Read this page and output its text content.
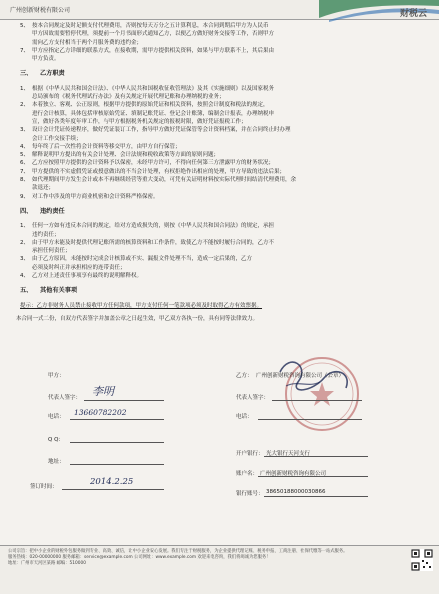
广州创新财税有限公司	财税云
5、 按本合同规定及时足额支付代理费用，否则按每天万分之五计算利息，本合同到期后甲方为人民币
甲方因故需要暂停代理，须提前一个月书面形式通知乙方，以便乙方做好财务交接等工作，否则甲方
需向乙方支付相当于两个月服务费的违约金；
7、 甲方应指定乙方详细的联系方式，在接收期，需甲方提供相关资料，如果与甲方联系不上，其后果由
甲方负责。
三、 乙方职责
1、 根据《中华人民共和国会计法》、《中华人民共和国税收征收管理法》及其《实施细则》以及国家税务
总局颁布的《税务代理试行办法》及有关规定开展代理记账和办理纳税的业务；
2、 本着独立、客观、公正原则，根据甲方提供的原始凭证和相关资料，按照会计制度和税法的规定，
进行会计核算，具体包括审核原始凭证、填制记账凭证、登记会计账簿，编制会计报表，办理纳税申
宣，做好各类年度年审工作，与甲方根据税务机关规定的报税时限，做好凭证报税工作；
3、 设计会计凭证传递程序，做好凭证装订工作，指导甲方做好凭证保管等会计资料档案，并在合同终止时办理
会计工作交接手续；
4、 每年终了后一次性将会计资料等移交甲方，由甲方自行保管；
5、 解释说明甲方提出的有关会计处理、会计法规和税收政策等方面的原则问题；
6、 乙方应按照甲方提供的会计资料予以保密，未经甲方许可，不得向任何第三方泄露甲方的财务状况；
7、 甲方提供的不实虚假凭证或授意做出的不当会计处理，有权拒绝作出相应的处理，甲方导致的违法后果；
8、 如代理期间甲方发生会计或本不再继续经营等重大变动，可凭有关证明材料按实际代理时间结清代理费用，余
款退还；
9、 对工作中涉及的甲方商业机密和会计资料严格保密。
四、 违约责任
1、 任何一方如有违反本合同的规定，给对方造成损失的，则按《中华人民共和国合同法》的规定，承担
违约责任；
2、 由于甲方未能及时提供代理记账所需的核算资料和工作条件，致使乙方不能按时履行合同的，乙方不
承担任何责任；
3、 由于乙方原因，未能按时完成会计核算或不实、漏报文件处理不当，造成一定后果的，乙方
必须及时纠正并承担相应的连带责任；
4、 乙方对上述责任事项享有最终的说明解释权。
五、 其他有关事项
提示：乙方非财务人员禁止接收甲方任何款项，甲方支付任何一笔款项必须及时取得乙方有效票据。
本合同一式二份，自双方代表签字并加盖公章之日起生效，甲乙双方各执一份，具有同等法律效力。
甲方：
代表人签字： 李明
电话： 13660782202
Q Q：
地址：
签订时间：	2014.2.25
乙方： 广州创新财税咨询有限公司（公章）
代表人签字：
电话：
开户银行： 光大银行天河支行
账户名： 广州创新财税咨询有限公司
银行账号： 38650188000030866
公司宗旨：把中小企业的财税外包服务做到专业、高效、诚信，让中小企业安心发展。我们专注于财税服务，为企业提供代理记账、税务申报、工商注册、社保代缴等一站式服务。
服务热线：020-00000000 服务邮箱：service@example.com 公司网址：www.example.com 欢迎来电咨询，我们将竭诚为您服务！
地址：广州市天河区某路 邮编：510000
